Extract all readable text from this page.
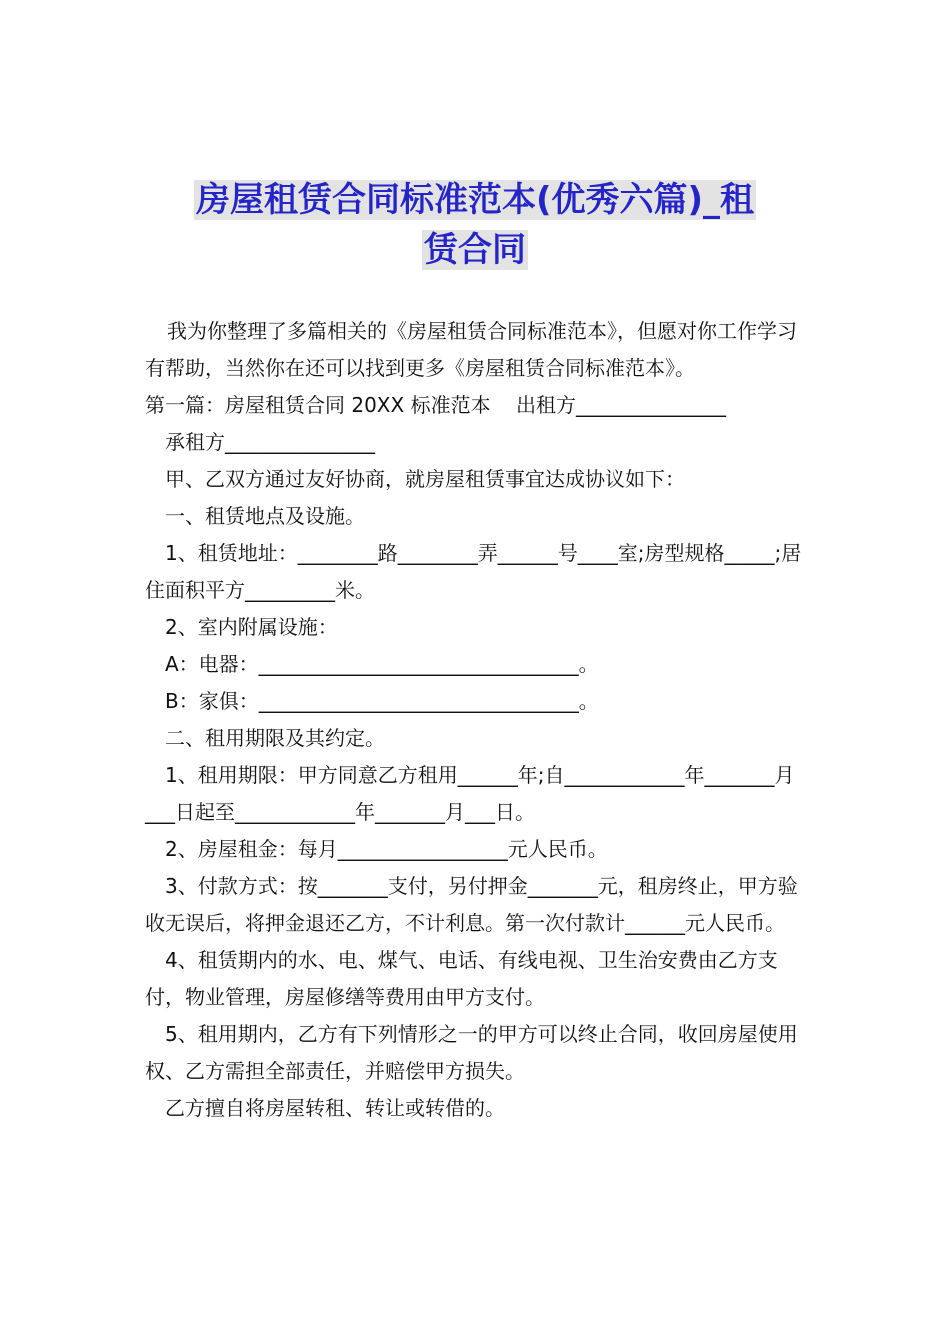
房屋租赁合同标准范本(优秀六篇)_租
赁合同

我为你整理了多篇相关的《房屋租赁合同标准范本》，但愿对你工作学习有帮助，当然你在还可以找到更多《房屋租赁合同标准范本》。

第一篇：房屋租赁合同 20XX 标准范本    出租方_______________

承租方_______________

甲、乙双方通过友好协商，就房屋租赁事宜达成协议如下：

一、租赁地点及设施。

1、租赁地址：________路________弄______号____室;房型规格_____;居住面积平方_________米。

2、室内附属设施：

A：电器：________________________________。

B：家俱：________________________________。

二、租用期限及其约定。

1、租用期限：甲方同意乙方租用______年;自____________年_______月___日起至____________年_______月___日。

2、房屋租金：每月_________________元人民币。

3、付款方式：按_______支付，另付押金_______元，租房终止，甲方验收无误后，将押金退还乙方，不计利息。第一次付款计______元人民币。

4、租赁期内的水、电、煤气、电话、有线电视、卫生治安费由乙方支付，物业管理，房屋修缮等费用由甲方支付。

5、租用期内，乙方有下列情形之一的甲方可以终止合同，收回房屋使用权、乙方需担全部责任，并赔偿甲方损失。

乙方擅自将房屋转租、转让或转借的。
